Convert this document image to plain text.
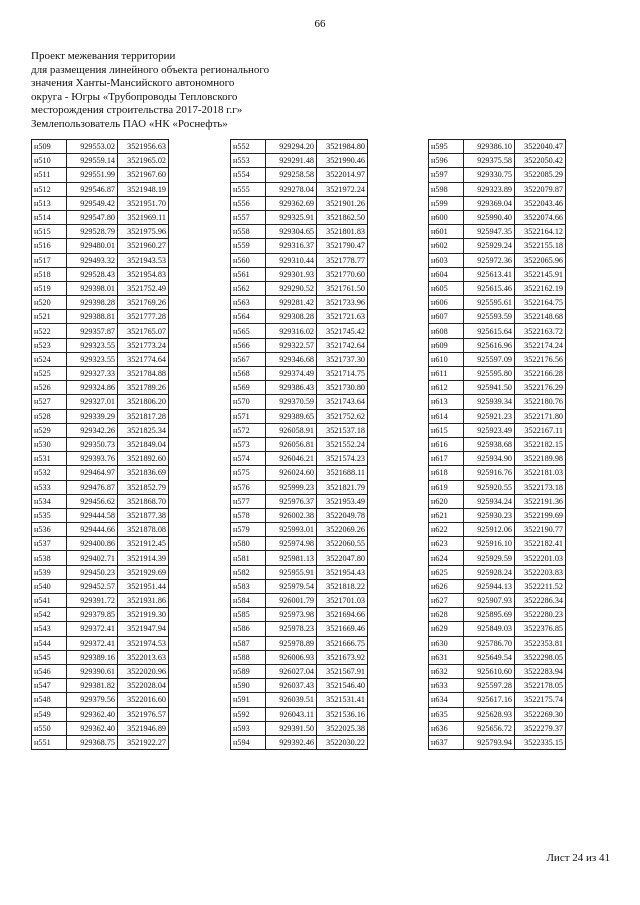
66
Проект межевания территории
для размещения линейного объекта регионального
значения Ханты-Мансийского автономного
округа - Югры «Трубопроводы Тепловского
месторождения строительства 2017-2018 г.г»
Землепользователь ПАО «НК «Роснефть»
н509	929553.02	3521956.63
н510	929559.14	3521965.02
н511	929551.99	3521967.60
н512	929546.87	3521948.19
н513	929549.42	3521951.70
н514	929547.80	3521969.11
н515	929528.79	3521975.96
н516	929480.01	3521960.27
н517	929493.32	3521943.53
н518	929528.43	3521954.83
н519	929398.01	3521752.49
н520	929398.28	3521769.26
н521	929388.81	3521777.28
н522	929357.87	3521765.07
н523	929323.55	3521773.24
н524	929323.55	3521774.64
н525	929327.33	3521784.88
н526	929324.86	3521789.26
н527	929327.01	3521806.20
н528	929339.29	3521817.28
н529	929342.26	3521825.34
н530	929350.73	3521849.04
н531	929393.76	3521892.60
н532	929464.97	3521836.69
н533	929476.87	3521852.79
н534	929456.62	3521868.70
н535	929444.58	3521877.38
н536	929444.66	3521878.08
н537	929400.86	3521912.45
н538	929402.71	3521914.39
н539	929450.23	3521929.69
н540	929452.57	3521951.44
н541	929391.72	3521931.86
н542	929379.85	3521919.30
н543	929372.41	3521947.94
н544	929372.41	3521974.53
н545	929389.16	3522013.63
н546	929390.61	3522020.96
н547	929381.82	3522028.04
н548	929379.56	3522016.60
н549	929362.40	3521976.57
н550	929362.40	3521946.89
н551	929368.75	3521922.27
н552	929294.20	3521984.80
н553	929291.48	3521990.46
н554	929258.58	3522014.97
н555	929278.04	3521972.24
н556	929362.69	3521901.26
н557	929325.91	3521862.50
н558	929304.65	3521801.83
н559	929316.37	3521790.47
н560	929310.44	3521778.77
н561	929301.93	3521770.60
н562	929290.52	3521761.50
н563	929281.42	3521733.96
н564	929308.28	3521721.63
н565	929316.02	3521745.42
н566	929322.57	3521742.64
н567	929346.68	3521737.30
н568	929374.49	3521714.75
н569	929386.43	3521730.80
н570	929370.59	3521743.64
н571	929389.65	3521752.62
н572	926058.91	3521537.18
н573	926056.81	3521552.24
н574	926046.21	3521574.23
н575	926024.60	3521688.11
н576	925999.23	3521821.79
н577	925976.37	3521953.49
н578	926002.38	3522049.78
н579	925993.01	3522069.26
н580	925974.98	3522060.55
н581	925981.13	3522047.80
н582	925955.91	3521954.43
н583	925979.54	3521818.22
н584	926001.79	3521701.03
н585	925973.98	3521694.66
н586	925978.23	3521669.46
н587	925978.89	3521666.75
н588	926006.93	3521673.92
н589	926027.04	3521567.91
н590	926037.43	3521546.40
н591	926039.51	3521531.41
н592	926043.11	3521536.16
н593	929391.50	3522025.38
н594	929392.46	3522030.22
н595	929386.10	3522040.47
н596	929375.58	3522050.42
н597	929330.75	3522085.29
н598	929323.89	3522079.87
н599	929369.04	3522043.46
н600	925990.40	3522074.66
н601	925947.35	3522164.12
н602	925929.24	3522155.18
н603	925972.36	3522065.96
н604	925613.41	3522145.91
н605	925615.46	3522162.19
н606	925595.61	3522164.75
н607	925593.59	3522148.68
н608	925615.64	3522163.72
н609	925616.96	3522174.24
н610	925597.09	3522176.56
н611	925595.80	3522166.28
н612	925941.50	3522176.29
н613	925939.34	3522180.76
н614	925921.23	3522171.80
н615	925923.49	3522167.11
н616	925938.68	3522182.15
н617	925934.90	3522189.98
н618	925916.76	3522181.03
н619	925920.55	3522173.18
н620	925934.24	3522191.36
н621	925930.23	3522199.69
н622	925912.06	3522190.77
н623	925916.10	3522182.41
н624	925929.59	3522201.03
н625	925928.24	3522203.83
н626	925944.13	3522211.52
н627	925907.93	3522286.34
н628	925895.69	3522280.23
н629	925849.03	3522376.85
н630	925786.70	3522353.81
н631	925649.54	3522298.05
н632	925610.60	3522283.94
н633	925597.28	3522178.05
н634	925617.16	3522175.74
н635	925628.93	3522269.30
н636	925656.72	3522279.37
н637	925793.94	3522335.15
Лист 24 из 41
